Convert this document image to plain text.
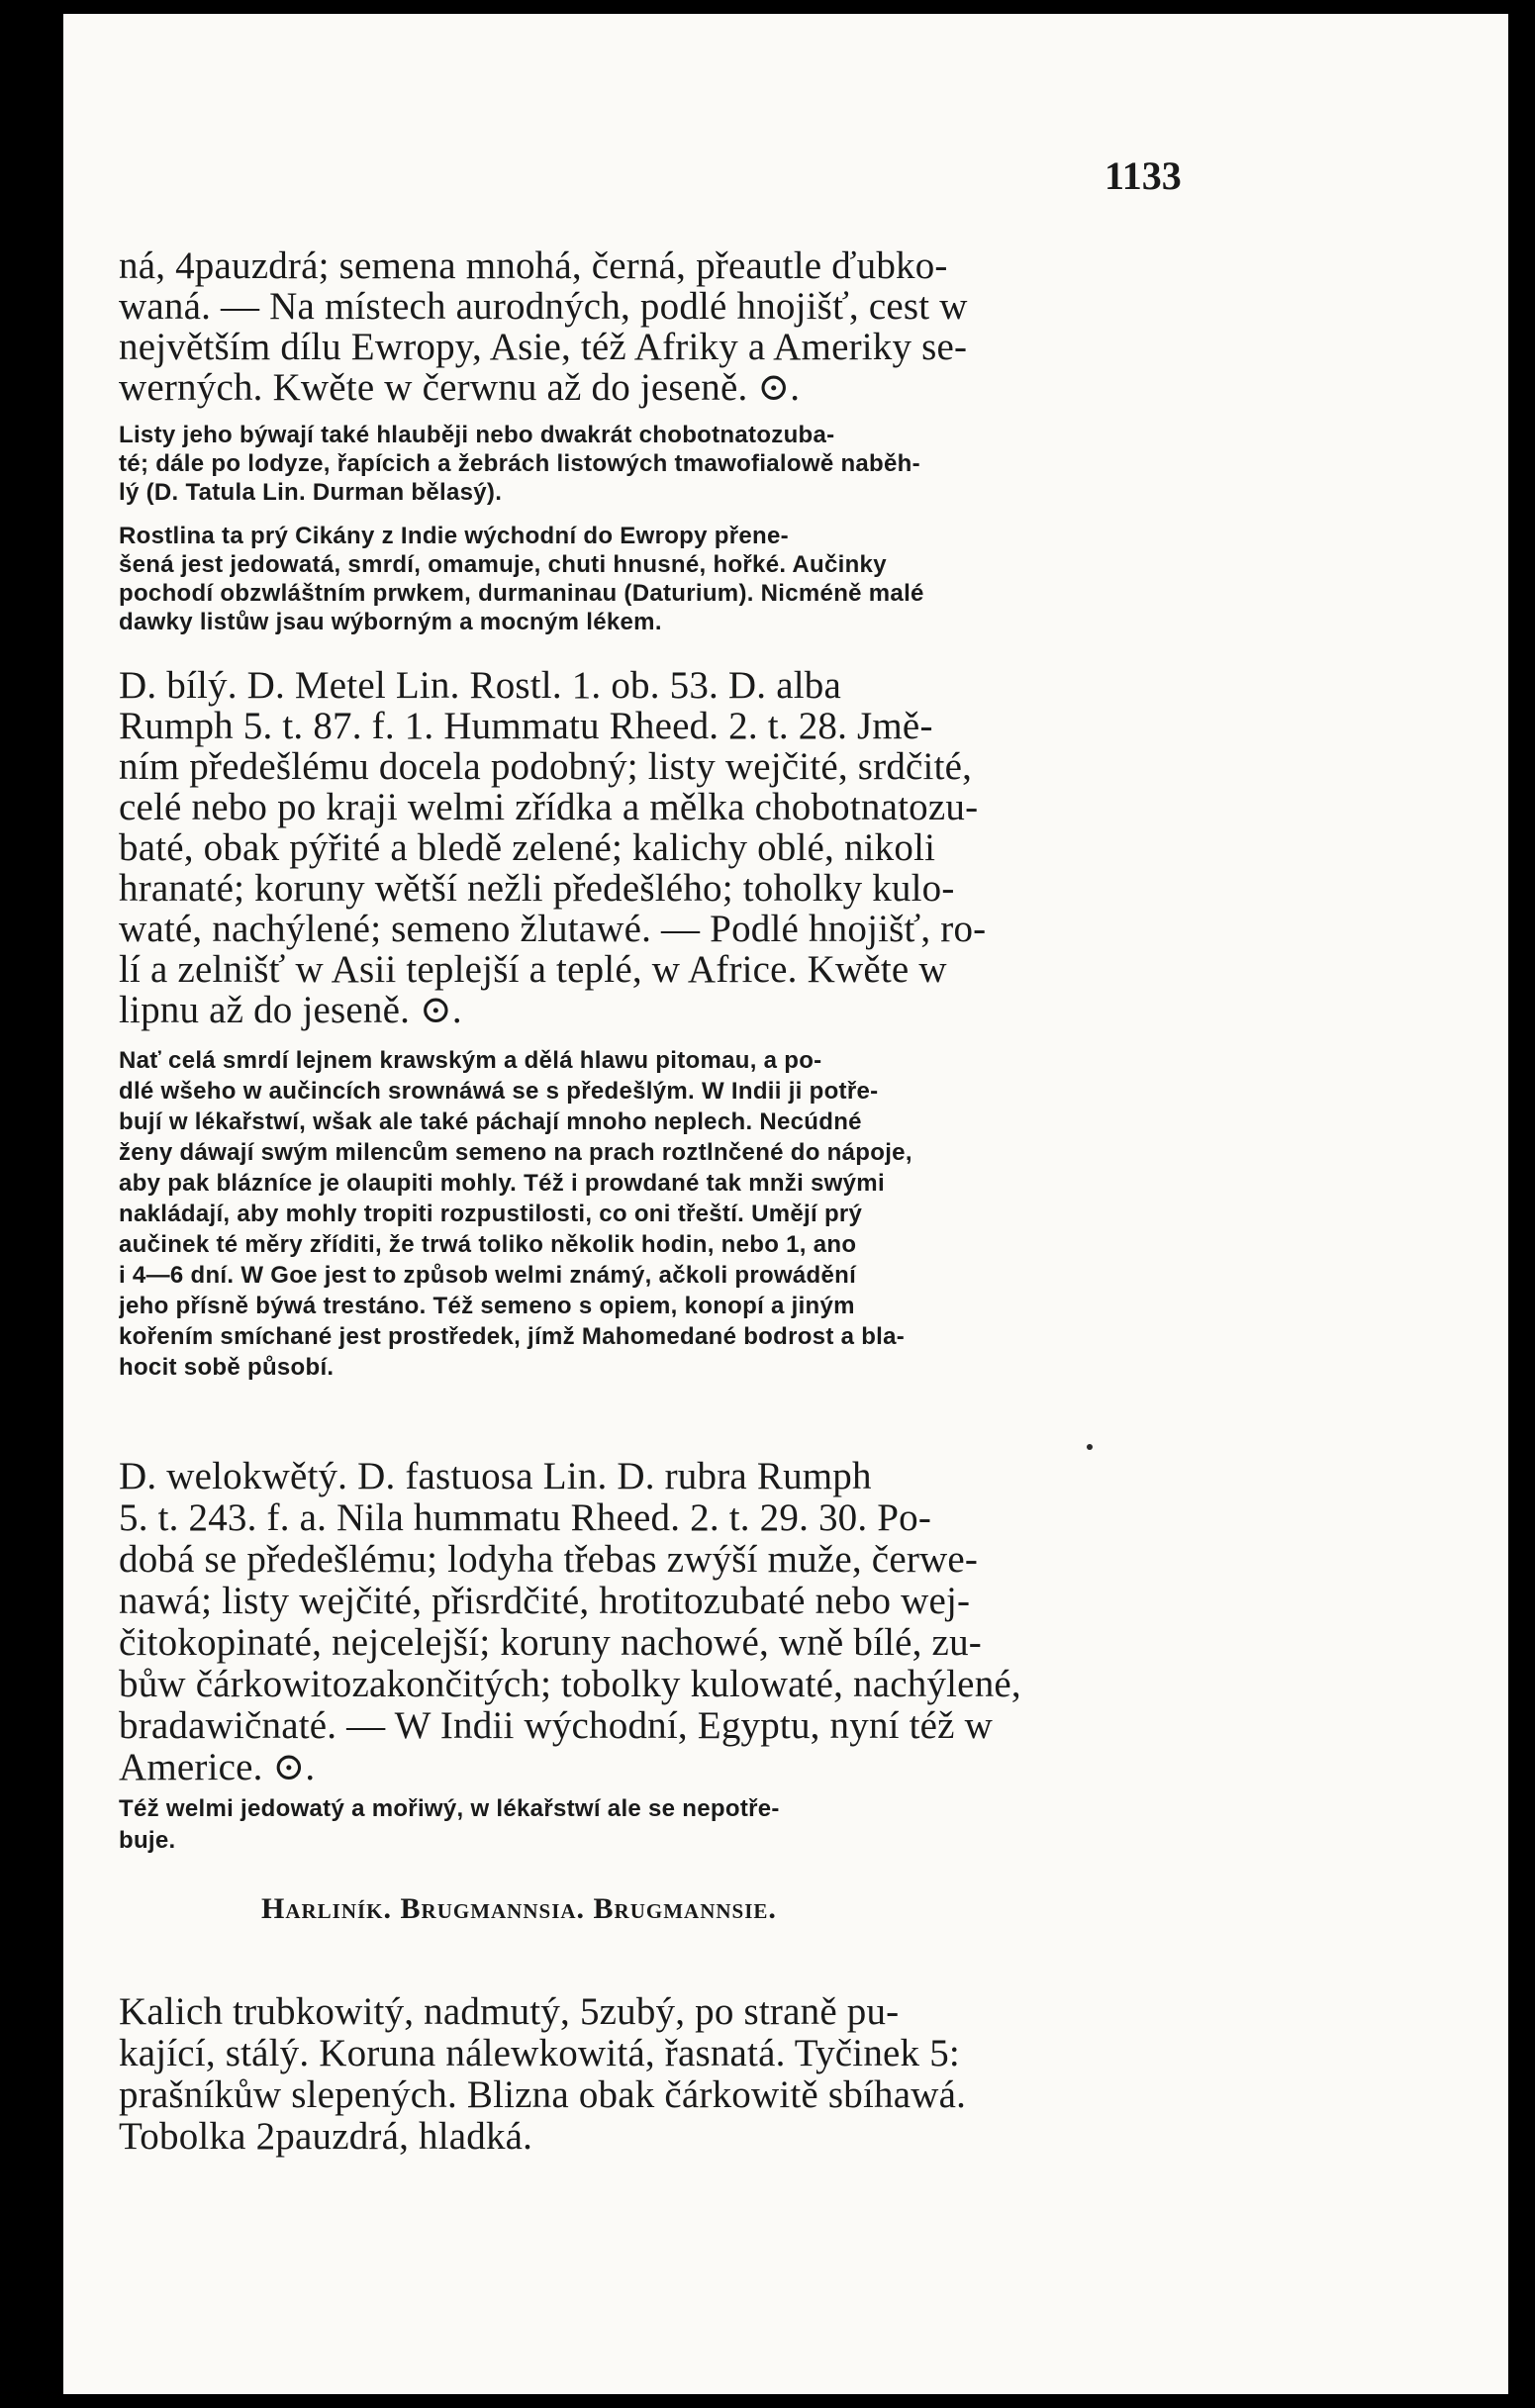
1133
ná, 4pauzdrá; semena mnohá, černá, přeautle ďubko-
waná. — Na místech aurodných, podlé hnojišť, cest w
největším dílu Ewropy, Asie, též Afriky a Ameriky se-
werných. Kwěte w čerwnu až do jeseně. ⊙.
Listy jeho býwají také hlauběji nebo dwakrát chobotnatozuba-
té; dále po lodyze, řapícich a žebrách listowých tmawofialowě naběh-
lý (D. Tatula Lin. Durman bělasý).
Rostlina ta prý Cikány z Indie wýchodní do Ewropy přene-
šená jest jedowatá, smrdí, omamuje, chuti hnusné, hořké. Aučinky
pochodí obzwláštním prwkem, durmaninau (Daturium). Nicméně malé
dawky listůw jsau wýborným a mocným lékem.
D. bílý. D. Metel Lin. Rostl. 1. ob. 53. D. alba
Rumph 5. t. 87. f. 1. Hummatu Rheed. 2. t. 28. Jmě-
ním předešlému docela podobný; listy wejčité, srdčité,
celé nebo po kraji welmi zřídka a mělka chobotnatozu-
baté, obak pýřité a bledě zelené; kalichy oblé, nikoli
hranaté; koruny wětší nežli předešlého; toholky kulo-
waté, nachýlené; semeno žlutawé. — Podlé hnojišť, ro-
lí a zelnišť w Asii teplejší a teplé, w Africe. Kwěte w
lipnu až do jeseně. ⊙.
Nať celá smrdí lejnem krawským a dělá hlawu pitomau, a po-
dlé wšeho w aučincích srownáwá se s předešlým. W Indii ji potře-
bují w lékařstwí, wšak ale také páchají mnoho neplech. Necúdné
ženy dáwají swým milencům semeno na prach roztlnčené do nápoje,
aby pak blázníce je olaupiti mohly. Též i prowdané tak mnži swými
nakládají, aby mohly tropiti rozpustilosti, co oni třeští. Umějí prý
aučinek té měry zříditi, že trwá toliko několik hodin, nebo 1, ano
i 4—6 dní. W Goe jest to způsob welmi známý, ačkoli prowádění
jeho přísně býwá trestáno. Též semeno s opiem, konopí a jiným
kořením smíchané jest prostředek, jímž Mahomedané bodrost a bla-
hocit sobě působí.
D. welokwětý. D. fastuosa Lin. D. rubra Rumph
5. t. 243. f. a. Nila hummatu Rheed. 2. t. 29. 30. Po-
dobá se předešlému; lodyha třebas zwýší muže, čerwe-
nawá; listy wejčité, přisrdčité, hrotitozubaté nebo wej-
čitokopinaté, nejcelejší; koruny nachowé, wně bílé, zu-
bůw čárkowitozakončitých; tobolky kulowaté, nachýlené,
bradawičnaté. — W Indii wýchodní, Egyptu, nyní též w
Americe. ⊙.
Též welmi jedowatý a mořiwý, w lékařstwí ale se nepotře-
buje.
Harliník. Brugmannsia. Brugmannsie.
Kalich trubkowitý, nadmutý, 5zubý, po straně pu-
kající, stálý. Koruna nálewkowitá, řasnatá. Tyčinek 5:
prašníkůw slepených. Blizna obak čárkowitě sbíhawá.
Tobolka 2pauzdrá, hladká.
